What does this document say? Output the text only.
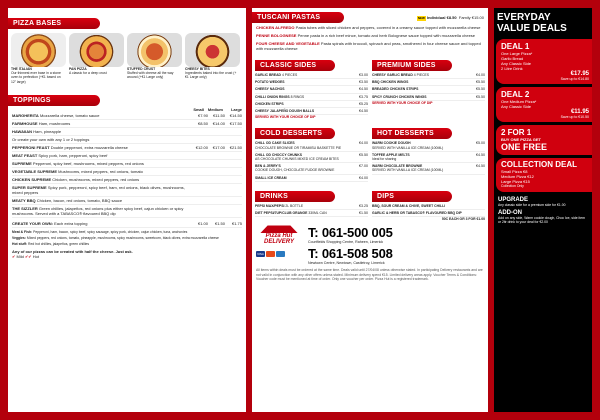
PIZZA BASES
THE ITALIAN
Our thinnest ever base in a stone oven to perfection (+€1 based on 12" large)
PAN PIZZA
A classic for a deep crust
STUFFED CRUST
Stuffed with cheese all the way around (+€1 Large only)
CHEESY BITES
Ingredients baked into the crust (+€1 Large only)
TOPPINGS
Small Medium	Large
MARGHERITA Mozzarella cheese, tomato sauce	€7.90	€11.50	€14.50
FARMHOUSE Ham, mushrooms	€8.50	€14.00	€17.50
HAWAIIAN Ham, pineapple
Or create your own with any 1 or 2 toppings
PEPPERONI FEAST Double pepperoni, extra mozzarella cheese	€12.00	€17.00	€21.50
MEAT FEAST Spicy pork, ham, pepperoni, spicy beef
SUPREME Pepperoni, spicy beef, mushrooms, mixed peppers, red onions
VEGETABLE SUPREME Mushrooms, mixed peppers, red onions, tomato
CHICKEN SUPREME Chicken, mushrooms, mixed peppers, red onions
SUPER SUPREME Spicy pork, pepperoni, spicy beef, ham, red onions, black olives, mushrooms, mixed peppers
MEATY BBQ Chicken, bacon, red onions, tomato, BBQ sauce
THE SIZZLER Green chillies, jalapeños, red onions plus either spicy beef, cajun chicken or spicy mushrooms. Served with a TABASCO® flavoured BBQ dip
CREATE YOUR OWN: Each extra topping	€1.00	€1.50	€1.75
Meat & Fish: Pepperoni, ham, bacon, spicy beef, spicy sausage, spicy pork, chicken, cajun chicken, tuna, anchovies
Veggies: Mixed peppers, red onions, tomato, pineapple, mushrooms, spicy mushrooms, sweetcorn, black olives, extra mozzarella cheese
Hot stuff: Red hot chillies, jalapeños, green chillies
Any of our pizzas can be created with half the cheese. Just ask.
✔ Mild ✔✔ Hot
TUSCANI PASTAS	NEW Individual €8.50 Family €15.00
CHICKEN ALFREDO Pasta tubes with sliced chicken and peppers, covered in a creamy sauce topped with mozzarella cheese
PENNE BOLOGNESE Penne pasta in a rich beef mince, tomato and herb Bolognese sauce topped with mozzarella cheese
FOUR CHEESE AND VEGETABLE Pasta spirals with broccoli, spinach and peas, smothered in four cheese sauce and topped with mozzarella cheese
CLASSIC SIDES
GARLIC BREAD 4 PIECES	€3.00
POTATO WEDGES	€3.50
CHEESY NACHOS	€4.50
CHILLI ONION RINGS 8 RINGS	€3.75
CHICKEN STRIPS	€5.25
CHEESY JALAPEÑO DOUGH BALLS	€4.50
SERVED WITH YOUR CHOICE OF DIP
PREMIUM SIDES
CHEESY GARLIC BREAD 4 PIECES	€4.00
BBQ CHICKEN WINGS	€5.50
BREADED CHICKEN STRIPS	€5.50
SPICY CRUNCH CHICKEN WINGS	€5.50
SERVED WITH YOUR CHOICE OF DIP
COLD DESSERTS
CHILL OD CAKE SLICES
CHOCOLATE BROWNIE OR TIRAMISU BASKETTE PIE
€4.00
CHILL OD CHOCCY CHUNKS
AS CHOCOLATE CHUNKS MIXED ICE CREAM BITES
€5.50
BEN & JERRY'S
COOKIE DOUGH, CHOCOLATE FUDGE BROWNIE
€7.00
SMALL ICE CREAM	€4.00
HOT DESSERTS
WARM COOKIE DOUGH
SERVED WITH VANILLA ICE CREAM (100ML)
€5.00
TOFFEE APPLE MELTS
Ideal for sharing
€4.50
WARM CHOCOLATE BROWNIE
SERVED WITH VANILLA ICE CREAM (100ML)
€4.50
DRINKS
PEPSI MAX/PEPSI 2L BOTTLE	€3.25
DIET PEPSI/7UP/CLUB ORANGE 330ML CAN	€1.50
DIPS
BBQ, SOUR CREAM & CHIVE, SWEET CHILLI
GARLIC & HERB OR TABASCO® FLAVOURED BBQ DIP
50C EACH OR 3 FOR €1.00
Pizza Hut DELIVERY
VISA
T: 061-500 005
Courtfields Shopping Centre, Raheen, Limerick
T: 061-508 508
Newtown Centre, Newtown, Castletroy, Limerick
All items within deals must be ordered at the same time. Deals valid until 27/04/08 unless otherwise stated. In participating Delivery restaurants and are not valid in conjunction with any other offers unless stated. Minimum delivery spend €15. Limited delivery areas apply. Voucher Terms & Conditions: Voucher code must be mentioned at time of order. Only one voucher per order. Pizza Hut is a registered trademark.
EVERYDAY
VALUE DEALS
DEAL 1
One Large Pizza*
Garlic Bread
Any Classic Side
2 Litre Drink
€17.95
Save up to €14.80
DEAL 2
One Medium Pizza*
Any Classic Side
€11.95
Save up to €10.50
2 FOR 1
BUY ONE PIZZA GET
ONE FREE
COLLECTION DEAL
Small Pizza €8
Medium Pizza €12
Large Pizza €15
Collection Only
UPGRADE
Any classic side for a premium side for €1.00
ADD-ON
Add on any side, Warm cookie dough, Choc Ice, side item or 2ltr drink to your deal for €2.00
